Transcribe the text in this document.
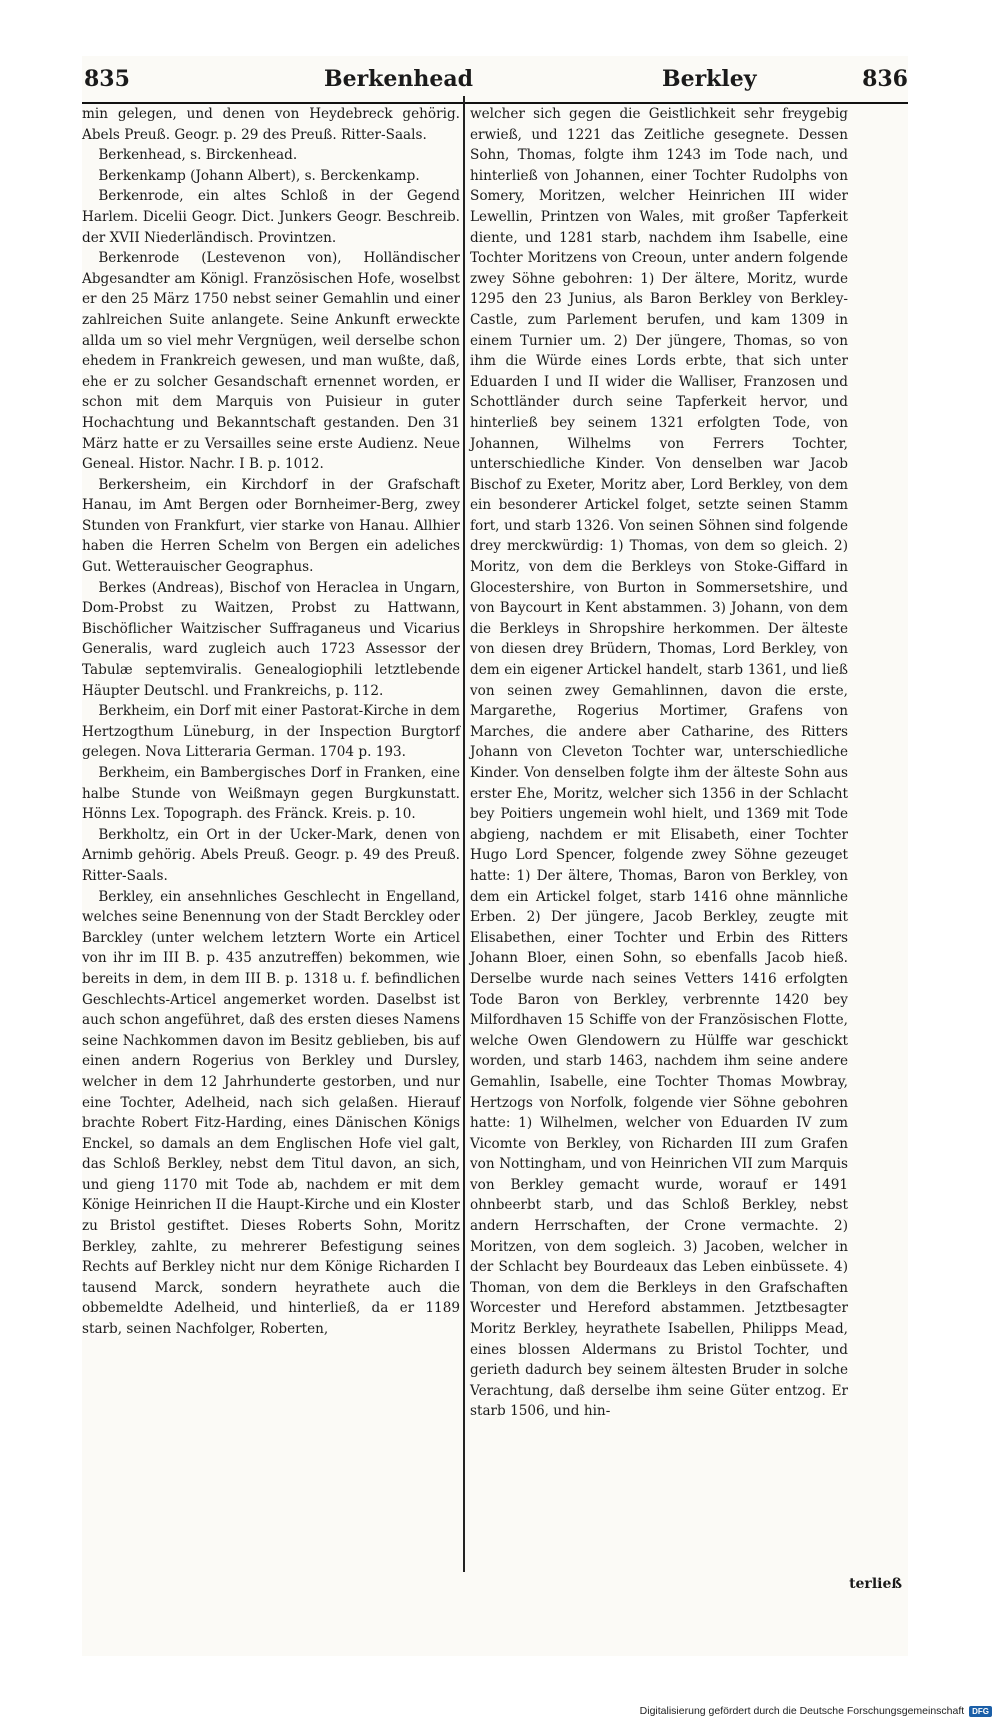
835	Berkenhead	Berkley	836

min gelegen, und denen von Heydebreck gehörig. Abels Preuß. Geogr. p. 29 des Preuß. Ritter-Saals.

Berkenhead, s. Birckenhead.

Berkenkamp (Johann Albert), s. Berckenkamp.

Berkenrode, ein altes Schloß in der Gegend Harlem. Dicelii Geogr. Dict. Junkers Geogr. Beschreib. der XVII Niederländisch. Provintzen.

Berkenrode (Lestevenon von), Holländischer Abgesandter am Königl. Französischen Hofe, woselbst er den 25 März 1750 nebst seiner Gemahlin und einer zahlreichen Suite anlangete. Seine Ankunft erweckte allda um so viel mehr Vergnügen, weil derselbe schon ehedem in Frankreich gewesen, und man wußte, daß, ehe er zu solcher Gesandschaft ernennet worden, er schon mit dem Marquis von Puisieur in guter Hochachtung und Bekanntschaft gestanden. Den 31 März hatte er zu Versailles seine erste Audienz. Neue Geneal. Histor. Nachr. I B. p. 1012.

Berkersheim, ein Kirchdorf in der Grafschaft Hanau, im Amt Bergen oder Bornheimer-Berg, zwey Stunden von Frankfurt, vier starke von Hanau. Allhier haben die Herren Schelm von Bergen ein adeliches Gut. Wetterauischer Geographus.

Berkes (Andreas), Bischof von Heraclea in Ungarn, Dom-Probst zu Waitzen, Probst zu Hattwann, Bischöflicher Waitzischer Suffraganeus und Vicarius Generalis, ward zugleich auch 1723 Assessor der Tabulæ septemviralis. Genealogiophili letztlebende Häupter Deutschl. und Frankreichs, p. 112.

Berkheim, ein Dorf mit einer Pastorat-Kirche in dem Hertzogthum Lüneburg, in der Inspection Burgtorf gelegen. Nova Litteraria German. 1704 p. 193.

Berkheim, ein Bambergisches Dorf in Franken, eine halbe Stunde von Weißmayn gegen Burgkunstatt. Hönns Lex. Topograph. des Fränck. Kreis. p. 10.

Berkholtz, ein Ort in der Ucker-Mark, denen von Arnimb gehörig. Abels Preuß. Geogr. p. 49 des Preuß. Ritter-Saals.

Berkley, ein ansehnliches Geschlecht in Engelland, welches seine Benennung von der Stadt Berckley oder Barckley (unter welchem letztern Worte ein Articel von ihr im III B. p. 435 anzutreffen) bekommen, wie bereits in dem, in dem III B. p. 1318 u. f. befindlichen Geschlechts-Articel angemerket worden. Daselbst ist auch schon angeführet, daß des ersten dieses Namens seine Nachkommen davon im Besitz geblieben, bis auf einen andern Rogerius von Berkley und Dursley, welcher in dem 12 Jahrhunderte gestorben, und nur eine Tochter, Adelheid, nach sich gelaßen. Hierauf brachte Robert Fitz-Harding, eines Dänischen Königs Enckel, so damals an dem Englischen Hofe viel galt, das Schloß Berkley, nebst dem Titul davon, an sich, und gieng 1170 mit Tode ab, nachdem er mit dem Könige Heinrichen II die Haupt-Kirche und ein Kloster zu Bristol gestiftet. Dieses Roberts Sohn, Moritz Berkley, zahlte, zu mehrerer Befestigung seines Rechts auf Berkley nicht nur dem Könige Richarden I tausend Marck, sondern heyrathete auch die obbemeldte Adelheid, und hinterließ, da er 1189 starb, seinen Nachfolger, Roberten,

welcher sich gegen die Geistlichkeit sehr freygebig erwieß, und 1221 das Zeitliche gesegnete. Dessen Sohn, Thomas, folgte ihm 1243 im Tode nach, und hinterließ von Johannen, einer Tochter Rudolphs von Somery, Moritzen, welcher Heinrichen III wider Lewellin, Printzen von Wales, mit großer Tapferkeit diente, und 1281 starb, nachdem ihm Isabelle, eine Tochter Moritzens von Creoun, unter andern folgende zwey Söhne gebohren: 1) Der ältere, Moritz, wurde 1295 den 23 Junius, als Baron Berkley von Berkley-Castle, zum Parlement berufen, und kam 1309 in einem Turnier um. 2) Der jüngere, Thomas, so von ihm die Würde eines Lords erbte, that sich unter Eduarden I und II wider die Walliser, Franzosen und Schottländer durch seine Tapferkeit hervor, und hinterließ bey seinem 1321 erfolgten Tode, von Johannen, Wilhelms von Ferrers Tochter, unterschiedliche Kinder. Von denselben war Jacob Bischof zu Exeter, Moritz aber, Lord Berkley, von dem ein besonderer Artickel folget, setzte seinen Stamm fort, und starb 1326. Von seinen Söhnen sind folgende drey merckwürdig: 1) Thomas, von dem so gleich. 2) Moritz, von dem die Berkleys von Stoke-Giffard in Glocestershire, von Burton in Sommersetshire, und von Baycourt in Kent abstammen. 3) Johann, von dem die Berkleys in Shropshire herkommen. Der älteste von diesen drey Brüdern, Thomas, Lord Berkley, von dem ein eigener Artickel handelt, starb 1361, und ließ von seinen zwey Gemahlinnen, davon die erste, Margarethe, Rogerius Mortimer, Grafens von Marches, die andere aber Catharine, des Ritters Johann von Cleveton Tochter war, unterschiedliche Kinder. Von denselben folgte ihm der älteste Sohn aus erster Ehe, Moritz, welcher sich 1356 in der Schlacht bey Poitiers ungemein wohl hielt, und 1369 mit Tode abgieng, nachdem er mit Elisabeth, einer Tochter Hugo Lord Spencer, folgende zwey Söhne gezeuget hatte: 1) Der ältere, Thomas, Baron von Berkley, von dem ein Artickel folget, starb 1416 ohne männliche Erben. 2) Der jüngere, Jacob Berkley, zeugte mit Elisabethen, einer Tochter und Erbin des Ritters Johann Bloer, einen Sohn, so ebenfalls Jacob hieß. Derselbe wurde nach seines Vetters 1416 erfolgten Tode Baron von Berkley, verbrennte 1420 bey Milfordhaven 15 Schiffe von der Französischen Flotte, welche Owen Glendowern zu Hülffe war geschickt worden, und starb 1463, nachdem ihm seine andere Gemahlin, Isabelle, eine Tochter Thomas Mowbray, Hertzogs von Norfolk, folgende vier Söhne gebohren hatte: 1) Wilhelmen, welcher von Eduarden IV zum Vicomte von Berkley, von Richarden III zum Grafen von Nottingham, und von Heinrichen VII zum Marquis von Berkley gemacht wurde, worauf er 1491 ohnbeerbt starb, und das Schloß Berkley, nebst andern Herrschaften, der Crone vermachte. 2) Moritzen, von dem sogleich. 3) Jacoben, welcher in der Schlacht bey Bourdeaux das Leben einbüssete. 4) Thoman, von dem die Berkleys in den Grafschaften Worcester und Hereford abstammen. Jetztbesagter Moritz Berkley, heyrathete Isabellen, Philipps Mead, eines blossen Aldermans zu Bristol Tochter, und gerieth dadurch bey seinem ältesten Bruder in solche Verachtung, daß derselbe ihm seine Güter entzog. Er starb 1506, und hin-

terließ
Digitalisierung gefördert durch die Deutsche Forschungsgemeinschaft DFG
